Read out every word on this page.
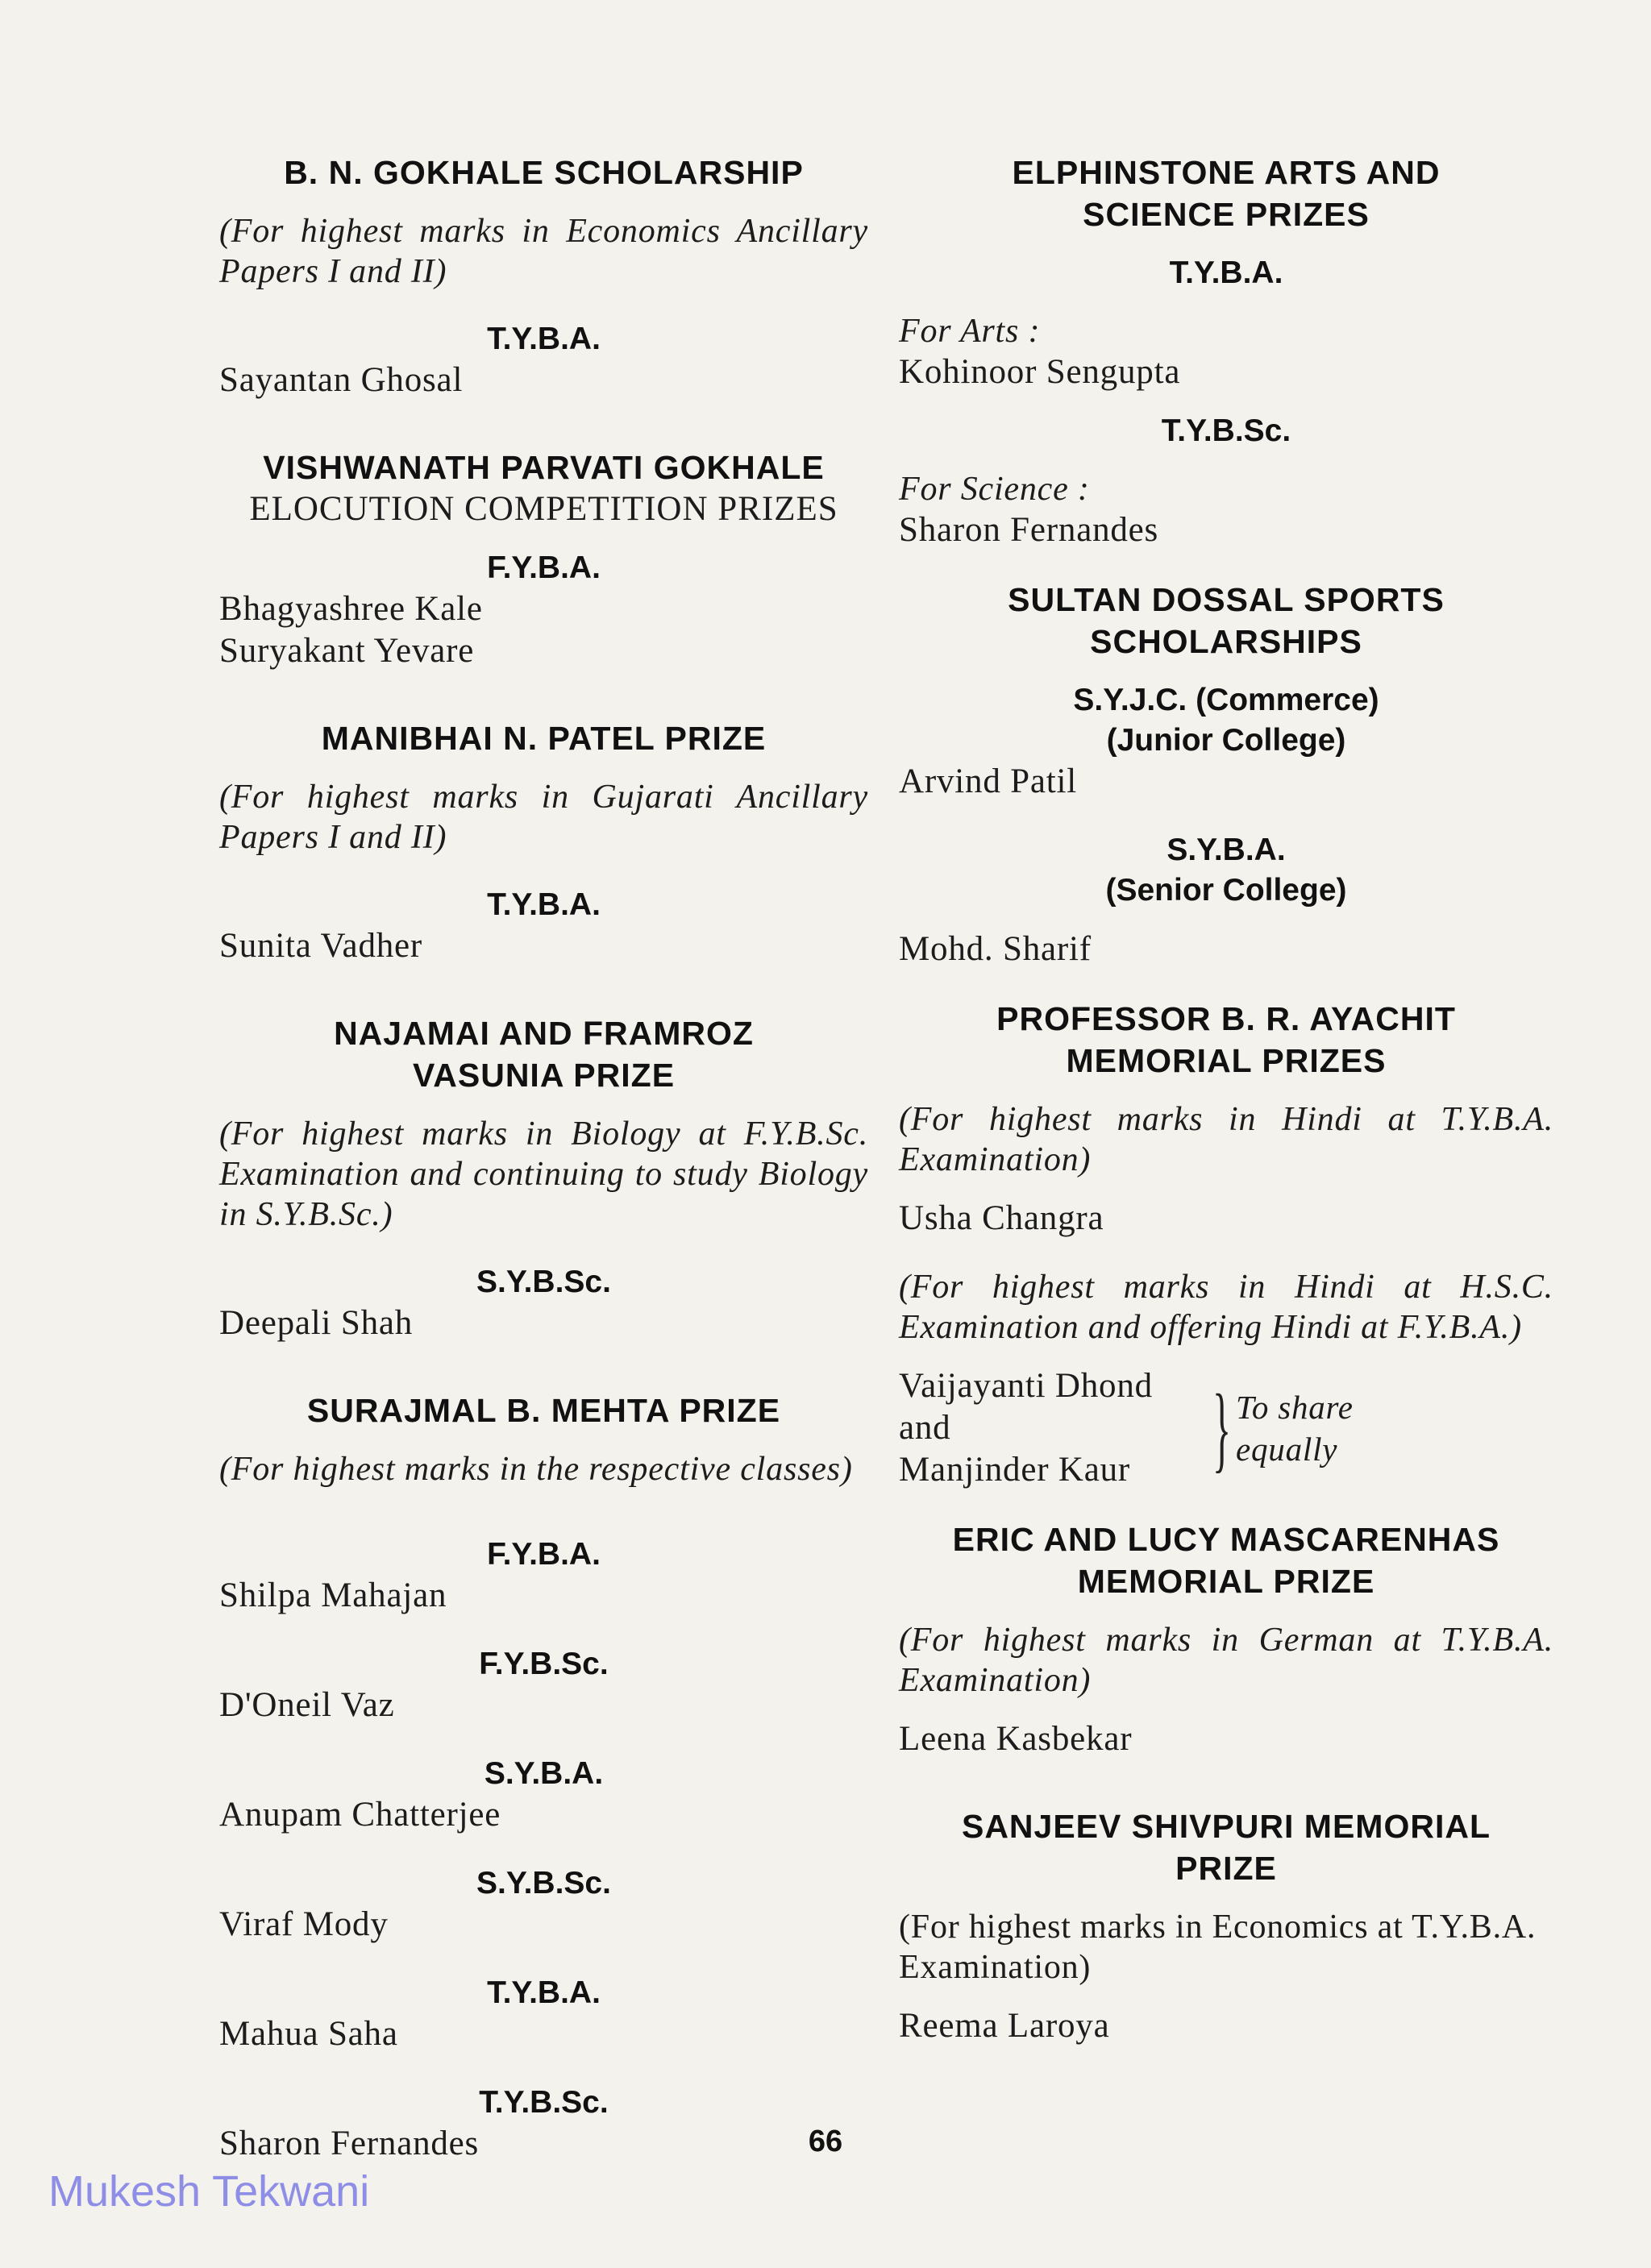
B. N. GOKHALE SCHOLARSHIP
(For highest marks in Economics Ancillary Papers I and II)
T.Y.B.A.
Sayantan Ghosal
VISHWANATH PARVATI GOKHALE
ELOCUTION COMPETITION PRIZES
F.Y.B.A.
Bhagyashree Kale
Suryakant Yevare
MANIBHAI N. PATEL PRIZE
(For highest marks in Gujarati Ancillary Papers I and II)
T.Y.B.A.
Sunita Vadher
NAJAMAI AND FRAMROZ
VASUNIA PRIZE
(For highest marks in Biology at F.Y.B.Sc. Examination and continuing to study Biology in S.Y.B.Sc.)
S.Y.B.Sc.
Deepali Shah
SURAJMAL B. MEHTA PRIZE
(For highest marks in the respective classes)
F.Y.B.A.
Shilpa Mahajan
F.Y.B.Sc.
D'Oneil Vaz
S.Y.B.A.
Anupam Chatterjee
S.Y.B.Sc.
Viraf Mody
T.Y.B.A.
Mahua Saha
T.Y.B.Sc.
Sharon Fernandes
ELPHINSTONE ARTS AND
SCIENCE PRIZES
T.Y.B.A.
For Arts :
Kohinoor Sengupta
T.Y.B.Sc.
For Science :
Sharon Fernandes
SULTAN DOSSAL SPORTS
SCHOLARSHIPS
S.Y.J.C. (Commerce)
(Junior College)
Arvind Patil
S.Y.B.A.
(Senior College)
Mohd. Sharif
PROFESSOR B. R. AYACHIT
MEMORIAL PRIZES
(For highest marks in Hindi at T.Y.B.A. Examination)
Usha Changra
(For highest marks in Hindi at H.S.C. Examination and offering Hindi at F.Y.B.A.)
Vaijayanti Dhond
and
Manjinder Kaur } To share
equally
ERIC AND LUCY MASCARENHAS
MEMORIAL PRIZE
(For highest marks in German at T.Y.B.A. Examination)
Leena Kasbekar
SANJEEV SHIVPURI MEMORIAL
PRIZE
(For highest marks in Economics at T.Y.B.A. Examination)
Reema Laroya
66
Mukesh Tekwani
